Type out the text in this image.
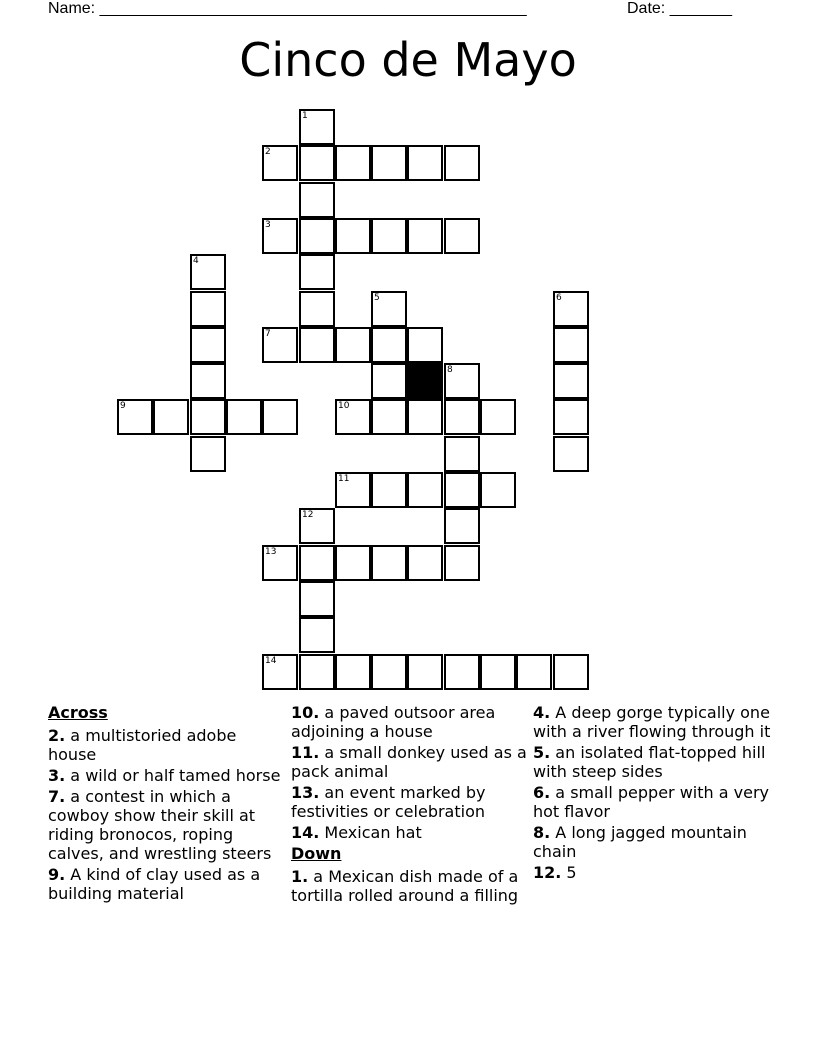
Name: ________________________________________________	Date: _______
Cinco de Mayo
1
2
3
4
5	6
7
8
9	10
11
12
13
14
Across
2. a multistoried adobe house
3. a wild or half tamed horse
7. a contest in which a cowboy show their skill at riding bronocos, roping calves, and wrestling steers
9. A kind of clay used as a building material
10. a paved outsoor area adjoining a house
11. a small donkey used as a pack animal
13. an event marked by festivities or celebration
14. Mexican hat
Down
1. a Mexican dish made of a tortilla rolled around a filling
4. A deep gorge typically one with a river flowing through it
5. an isolated flat-topped hill with steep sides
6. a small pepper with a very hot flavor
8. A long jagged mountain chain
12. 5
